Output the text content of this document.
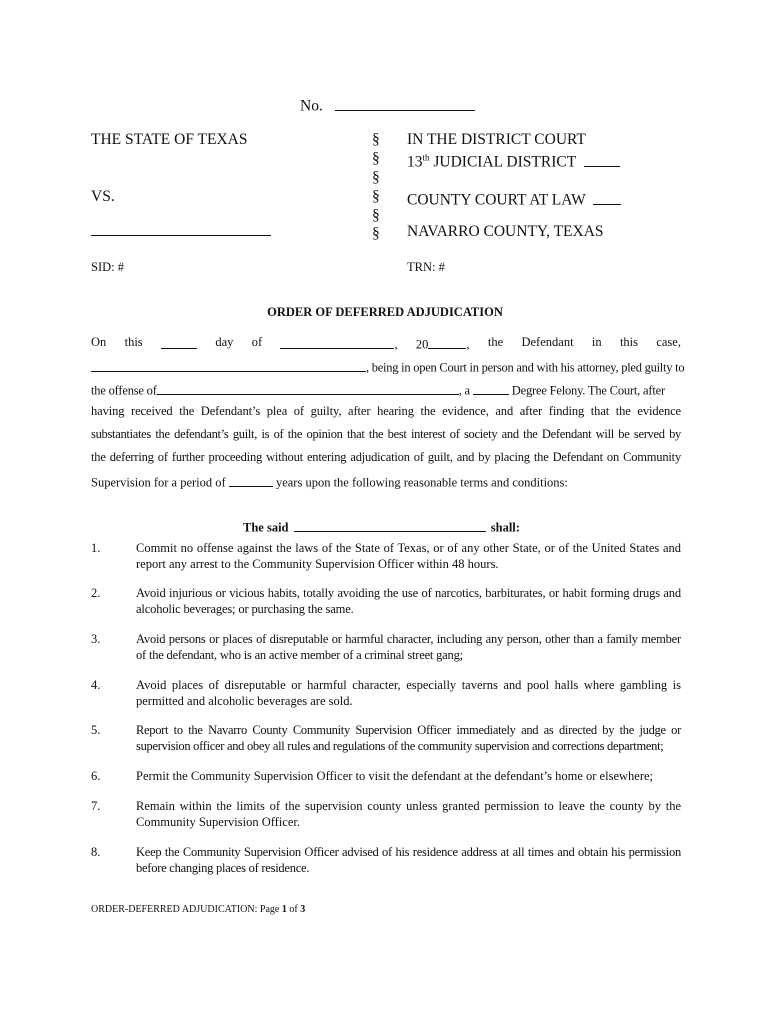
No.
THE STATE OF TEXAS
VS.
§
§
§
§
§
§
IN THE DISTRICT COURT
13th JUDICIAL DISTRICT
COUNTY COURT AT LAW
NAVARRO COUNTY, TEXAS
SID: #	TRN: #
ORDER OF DEFERRED ADJUDICATION
On this	day of	, 20	, the Defendant in this case,
, being in open Court in person and with his attorney, pled guilty to
the offense of	, a	Degree Felony. The Court, after
having received the Defendant’s plea of guilty, after hearing the evidence, and after finding that the evidence
substantiates the defendant’s guilt, is of the opinion that the best interest of society and the Defendant will be served by
the deferring of further proceeding without entering adjudication of guilt, and by placing the Defendant on Community
Supervision for a period of	years upon the following reasonable terms and conditions:
The said	shall:
1.	Commit no offense against the laws of the State of Texas, or of any other State, or of the United States and report any arrest to the Community Supervision Officer within 48 hours.
2.	Avoid injurious or vicious habits, totally avoiding the use of narcotics, barbiturates, or habit forming drugs and alcoholic beverages; or purchasing the same.
3.	Avoid persons or places of disreputable or harmful character, including any person, other than a family member of the defendant, who is an active member of a criminal street gang;
4.	Avoid places of disreputable or harmful character, especially taverns and pool halls where gambling is permitted and alcoholic beverages are sold.
5.	Report to the Navarro County Community Supervision Officer immediately and as directed by the judge or supervision officer and obey all rules and regulations of the community supervision and corrections department;
6.	Permit the Community Supervision Officer to visit the defendant at the defendant’s home or elsewhere;
7.	Remain within the limits of the supervision county unless granted permission to leave the county by the Community Supervision Officer.
8.	Keep the Community Supervision Officer advised of his residence address at all times and obtain his permission before changing places of residence.
ORDER-DEFERRED ADJUDICATION: Page 1 of 3
